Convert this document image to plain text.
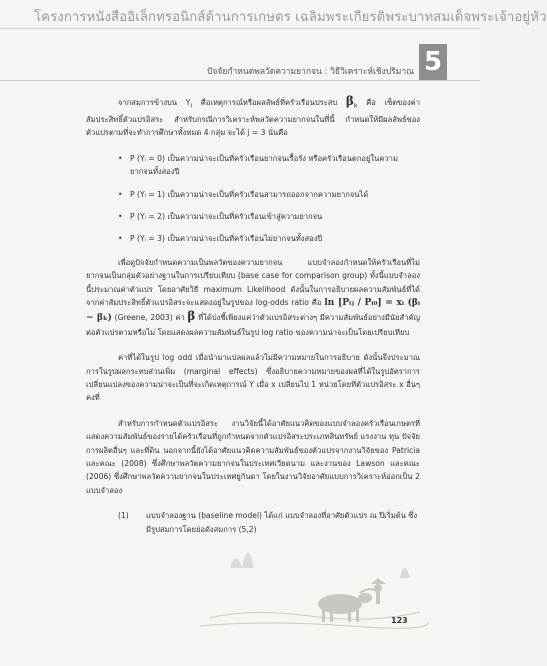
โครงการหนังสืออิเล็กทรอนิกส์ด้านการเกษตร เฉลิมพระเกียรติพระบาทสมเด็จพระเจ้าอยู่หัว
ปัจจัยกำหนดพลวัตความยากจน : วิธีวิเคราะห์เชิงปริมาณ 5

จากสมการข้างบน $Y_i$ คือเหตุการณ์หรือผลลัพธ์ที่ครัวเรือนประสบ $\beta_k$ คือ เซ็ตของค่าสัมประสิทธิ์ตัวแปรอิสระ สำหรับกรณีการวิเคราะห์พลวัตความยากจนในที่นี้ กำหนดให้มีผลลัพธ์ของตัวแปรตามที่จะทำการศึกษาทั้งหมด 4 กลุ่ม จะได้ j = 3 นั่นคือ

• P (Yᵢ = 0) เป็นความน่าจะเป็นที่ครัวเรือนยากจนเรื้อรัง หรือครัวเรือนตกอยู่ในความยากจนทั้งสองปี
• P (Yᵢ = 1) เป็นความน่าจะเป็นที่ครัวเรือนสามารถออกจากความยากจนได้
• P (Yᵢ = 2) เป็นความน่าจะเป็นที่ครัวเรือนเข้าสู่ความยากจน
• P (Yᵢ = 3) เป็นความน่าจะเป็นที่ครัวเรือนไม่ยากจนทั้งสองปี

เพื่อดูปัจจัยกำหนดความเป็นพลวัตของความยากจน แบบจำลองกำหนดให้ครัวเรือนที่ไม่ยากจนเป็นกลุ่มตัวอย่างฐานในการเปรียบเทียบ (base case for comparison group) ทั้งนี้แบบจำลองนี้ประมาณค่าตัวแปร โดยอาศัยวิธี maximum Likelihood ดังนั้นในการอธิบายผลความสัมพันธ์ที่ได้จากค่าสัมประสิทธิ์ตัวแปรอิสระจะแสดงอยู่ในรูปของ log-odds ratio คือ ln [Pᵢⱼ / Pᵢ₀] = xᵢ (βᵢ − βₖ) (Greene, 2003) ค่า β ที่ได้บ่งชี้เพียงแค่ว่าตัวแปรอิสระต่างๆ มีความสัมพันธ์อย่างมีนัยสำคัญต่อตัวแปรตามหรือไม่ โดยแสดงผลความสัมพันธ์ในรูป log ratio ของความน่าจะเป็นโดยเปรียบเทียบ

ค่าที่ได้ในรูป log odd เมื่อนำมาแปลผลแล้วไม่มีความหมายในการอธิบาย ดังนั้นจึงประมาณการในรูปผลกระทบส่วนเพิ่ม (marginal effects) ซึ่งอธิบายความหมายของผลที่ได้ในรูปอัตราการเปลี่ยนแปลงของความน่าจะเป็นที่จะเกิดเหตุการณ์ Y เมื่อ x เปลี่ยนไป 1 หน่วยโดยที่ตัวแปรอิสระ x อื่นๆ คงที่

สำหรับการกำหนดตัวแปรอิสระ งานวิจัยนี้ได้อาศัยแนวคิดของแบบจำลองครัวเรือนเกษตรที่แสดงความสัมพันธ์ของรายได้ครัวเรือนที่ถูกกำหนดจากตัวแปรอิสระประเภทสินทรัพย์ แรงงาน ทุน ปัจจัยการผลิตอื่นๆ และที่ดิน นอกจากนี้ยังได้อาศัยแนวคิดความสัมพันธ์ของตัวแปรจากงานวิจัยของ Patricia และคณะ (2008) ซึ่งศึกษาพลวัตความยากจนในประเทศเวียดนาม และงานของ Lawson และคณะ (2006) ซึ่งศึกษาพลวัตความยากจนในประเทศยูกันดา โดยในงานวิจัยอาศัยแบบการวิเคราะห์ออกเป็น 2 แบบจำลอง

(1) แบบจำลองฐาน (baseline model) ได้แก่ แบบจำลองที่อาศัยตัวแปร ณ ปีเริ่มต้น ซึ่งมีรูปสมการโดยย่อดังสมการ (5,2)
123
